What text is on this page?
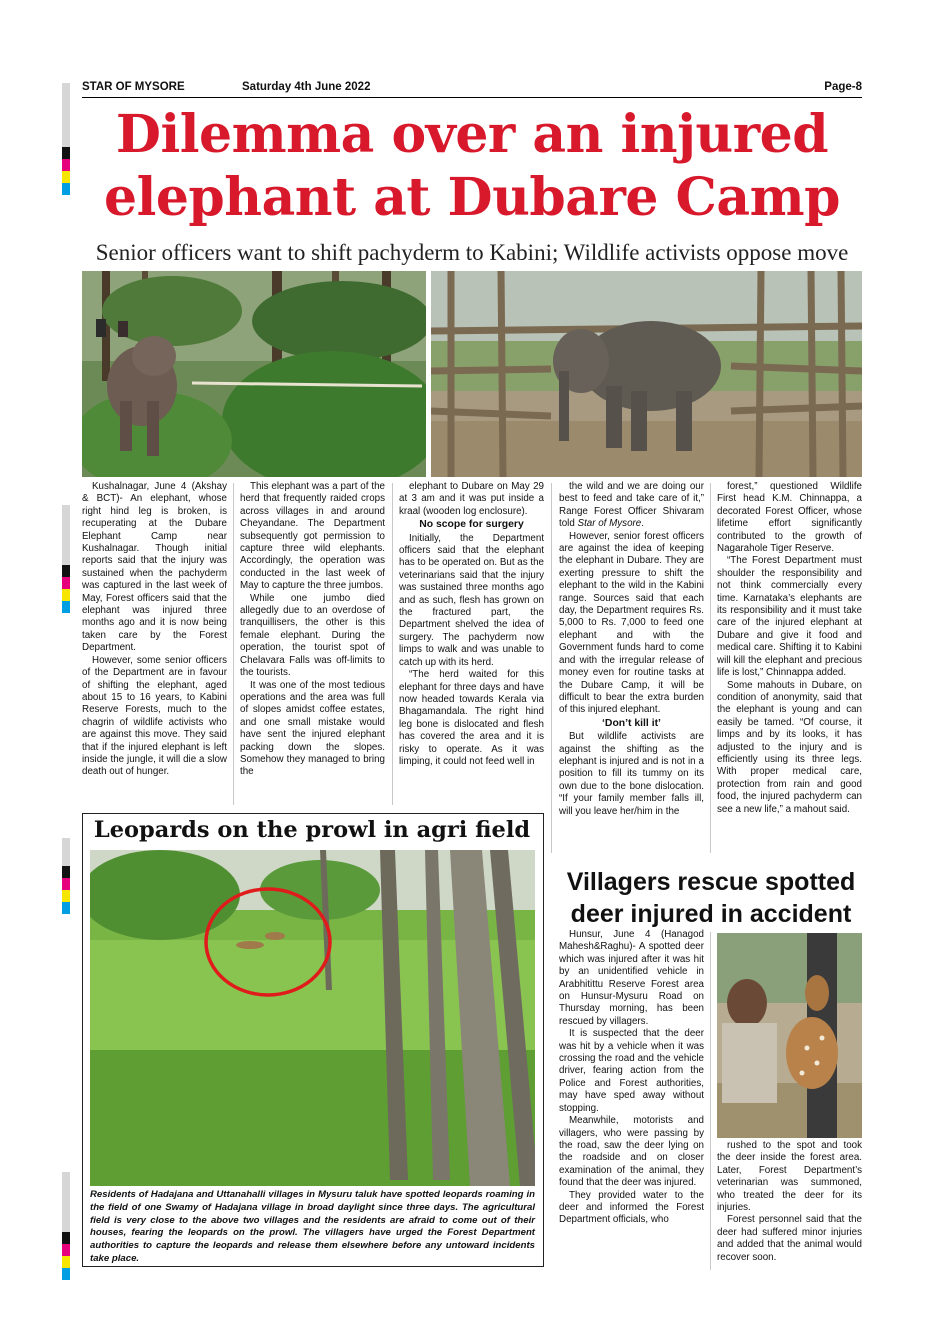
STAR OF MYSORE	Saturday 4th June 2022	Page-8
Dilemma over an injured
elephant at Dubare Camp
Senior officers want to shift pachyderm to Kabini; Wildlife activists oppose move

Kushalnagar, June 4 (Akshay & BCT)- An elephant, whose right hind leg is broken, is recuperating at the Dubare Elephant Camp near Kushalnagar. Though initial reports said that the injury was sustained when the pachyderm was captured in the last week of May, Forest officers said that the elephant was injured three months ago and it is now being taken care by the Forest Department.

However, some senior officers of the Department are in favour of shifting the elephant, aged about 15 to 16 years, to Kabini Reserve Forests, much to the chagrin of wildlife activists who are against this move. They said that if the injured elephant is left inside the jungle, it will die a slow death out of hunger.

This elephant was a part of the herd that frequently raided crops across villages in and around Cheyandane. The Department subsequently got permission to capture three wild elephants. Accordingly, the operation was conducted in the last week of May to capture the three jumbos.

While one jumbo died allegedly due to an overdose of tranquillisers, the other is this female elephant. During the operation, the tourist spot of Chelavara Falls was off-limits to the tourists.

It was one of the most tedious operations and the area was full of slopes amidst coffee estates, and one small mistake would have sent the injured elephant packing down the slopes. Somehow they managed to bring the

elephant to Dubare on May 29 at 3 am and it was put inside a kraal (wooden log enclosure).

No scope for surgery

Initially, the Department officers said that the elephant has to be operated on. But as the veterinarians said that the injury was sustained three months ago and as such, flesh has grown on the fractured part, the Department shelved the idea of surgery. The pachyderm now limps to walk and was unable to catch up with its herd.

“The herd waited for this elephant for three days and have now headed towards Kerala via Bhagamandala. The right hind leg bone is dislocated and flesh has covered the area and it is risky to operate. As it was limping, it could not feed well in

the wild and we are doing our best to feed and take care of it,” Range Forest Officer Shivaram told Star of Mysore.

However, senior forest officers are against the idea of keeping the elephant in Dubare. They are exerting pressure to shift the elephant to the wild in the Kabini range. Sources said that each day, the Department requires Rs. 5,000 to Rs. 7,000 to feed one elephant and with the Government funds hard to come and with the irregular release of money even for routine tasks at the Dubare Camp, it will be difficult to bear the extra burden of this injured elephant.

‘Don’t kill it’

But wildlife activists are against the shifting as the elephant is injured and is not in a position to fill its tummy on its own due to the bone dislocation. “If your family member falls ill, will you leave her/him in the

forest,” questioned Wildlife First head K.M. Chinnappa, a decorated Forest Officer, whose lifetime effort significantly contributed to the growth of Nagarahole Tiger Reserve.

“The Forest Department must shoulder the responsibility and not think commercially every time. Karnataka’s elephants are its responsibility and it must take care of the injured elephant at Dubare and give it food and medical care. Shifting it to Kabini will kill the elephant and precious life is lost,” Chinnappa added.

Some mahouts in Dubare, on condition of anonymity, said that the elephant is young and can easily be tamed. “Of course, it limps and by its looks, it has adjusted to the injury and is efficiently using its three legs. With proper medical care, protection from rain and good food, the injured pachyderm can see a new life,” a mahout said.

Leopards on the prowl in agri field
Residents of Hadajana and Uttanahalli villages in Mysuru taluk have spotted leopards roaming in the field of one Swamy of Hadajana village in broad daylight since three days. The agricultural field is very close to the above two villages and the residents are afraid to come out of their houses, fearing the leopards on the prowl. The villagers have urged the Forest Department authorities to capture the leopards and release them elsewhere before any untoward incidents take place.
Villagers rescue spotted
deer injured in accident

Hunsur, June 4 (Hanagod Mahesh&Raghu)- A spotted deer which was injured after it was hit by an unidentified vehicle in Arabhitittu Reserve Forest area on Hunsur-Mysuru Road on Thursday morning, has been rescued by villagers.

It is suspected that the deer was hit by a vehicle when it was crossing the road and the vehicle driver, fearing action from the Police and Forest authorities, may have sped away without stopping.

Meanwhile, motorists and villagers, who were passing by the road, saw the deer lying on the roadside and on closer examination of the animal, they found that the deer was injured.

They provided water to the deer and informed the Forest Department officials, who

rushed to the spot and took the deer inside the forest area. Later, Forest Department’s veterinarian was summoned, who treated the deer for its injuries.

Forest personnel said that the deer had suffered minor injuries and added that the animal would recover soon.
